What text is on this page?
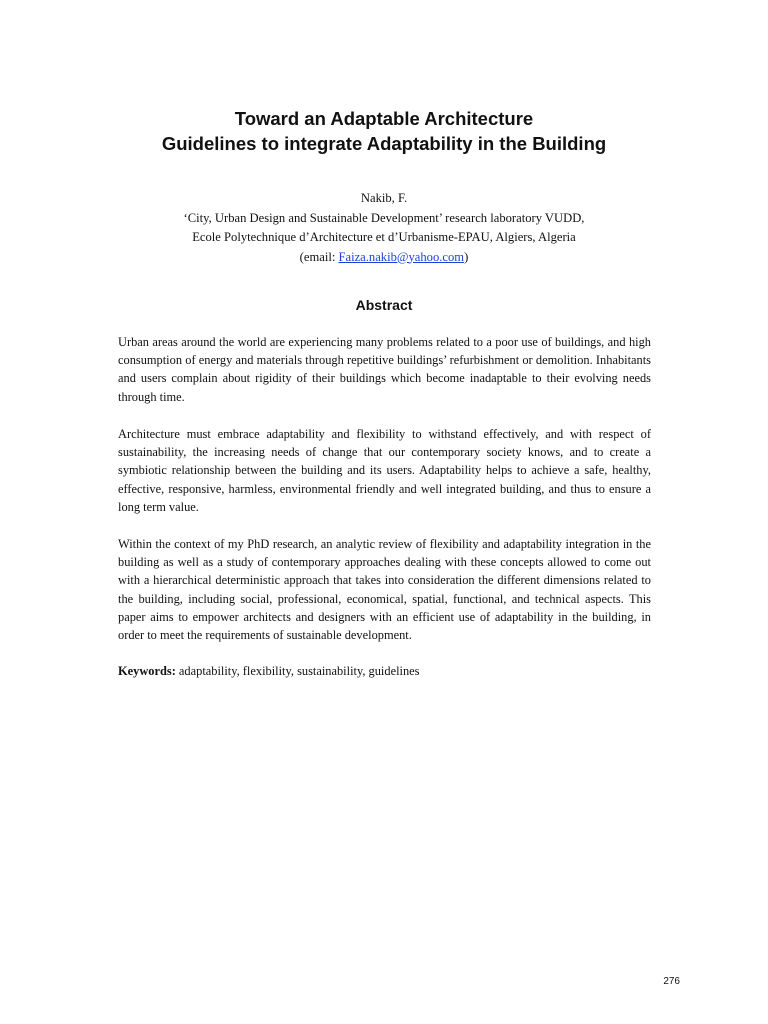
Toward an Adaptable Architecture
Guidelines to integrate Adaptability in the Building
Nakib, F.
‘City, Urban Design and Sustainable Development’ research laboratory VUDD,
Ecole Polytechnique d’Architecture et d’Urbanisme-EPAU, Algiers, Algeria
(email: Faiza.nakib@yahoo.com)
Abstract
Urban areas around the world are experiencing many problems related to a poor use of buildings, and high consumption of energy and materials through repetitive buildings’ refurbishment or demolition. Inhabitants and users complain about rigidity of their buildings which become inadaptable to their evolving needs through time.
Architecture must embrace adaptability and flexibility to withstand effectively, and with respect of sustainability, the increasing needs of change that our contemporary society knows, and to create a symbiotic relationship between the building and its users. Adaptability helps to achieve a safe, healthy, effective, responsive, harmless, environmental friendly and well integrated building, and thus to ensure a long term value.
Within the context of my PhD research, an analytic review of flexibility and adaptability integration in the building as well as a study of contemporary approaches dealing with these concepts allowed to come out with a hierarchical deterministic approach that takes into consideration the different dimensions related to the building, including social, professional, economical, spatial, functional, and technical aspects. This paper aims to empower architects and designers with an efficient use of adaptability in the building, in order to meet the requirements of sustainable development.
Keywords: adaptability, flexibility, sustainability, guidelines
276
